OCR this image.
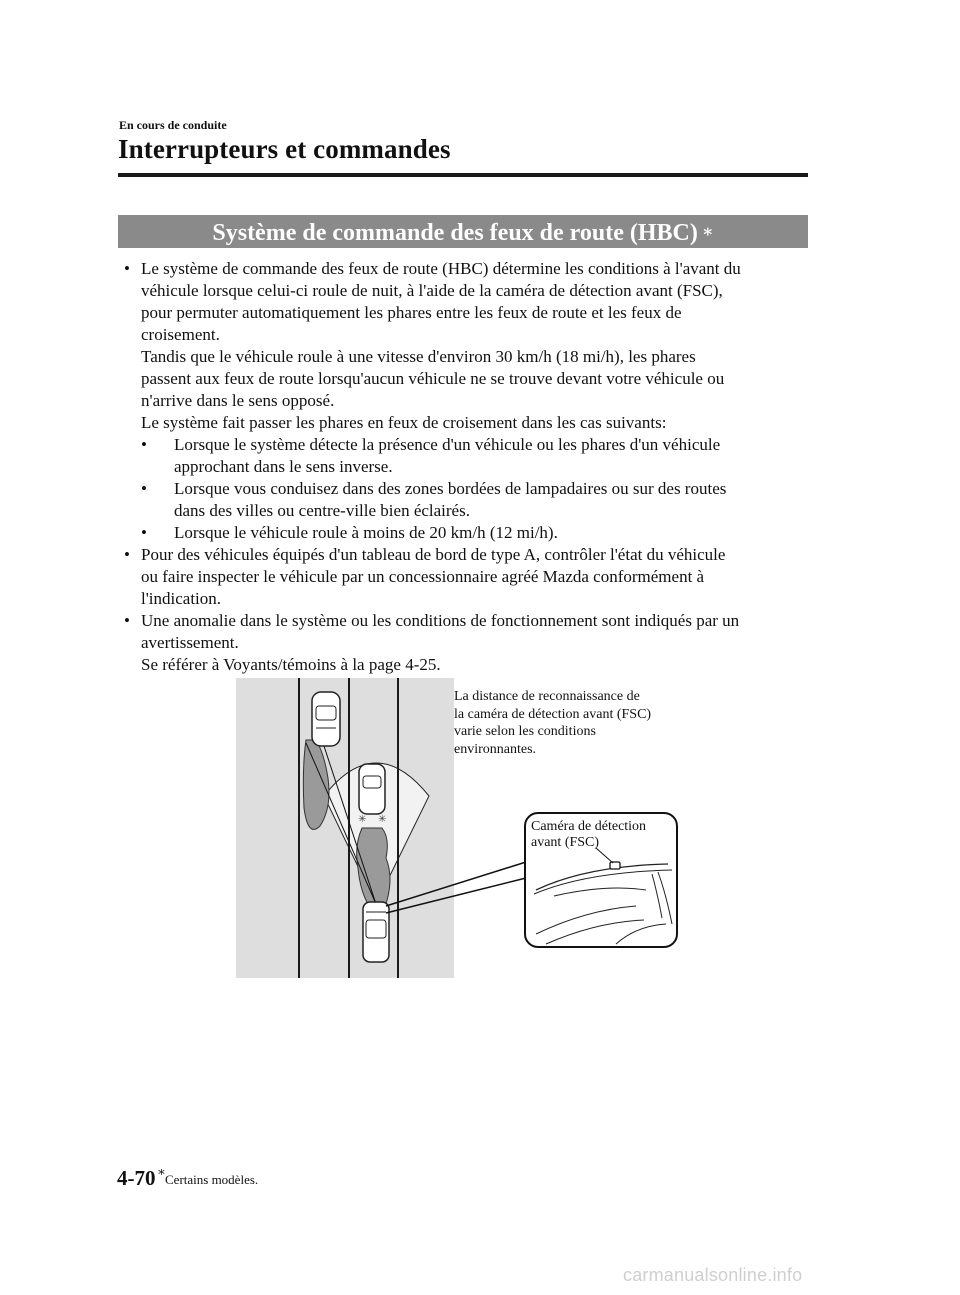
En cours de conduite
Interrupteurs et commandes
Système de commande des feux de route (HBC) ∗
• Le système de commande des feux de route (HBC) détermine les conditions à l'avant du
véhicule lorsque celui-ci roule de nuit, à l'aide de la caméra de détection avant (FSC),
pour permuter automatiquement les phares entre les feux de route et les feux de
croisement.
Tandis que le véhicule roule à une vitesse d'environ 30 km/h (18 mi/h), les phares
passent aux feux de route lorsqu'aucun véhicule ne se trouve devant votre véhicule ou
n'arrive dans le sens opposé.
Le système fait passer les phares en feux de croisement dans les cas suivants:
• Lorsque le système détecte la présence d'un véhicule ou les phares d'un véhicule
approchant dans le sens inverse.
• Lorsque vous conduisez dans des zones bordées de lampadaires ou sur des routes
dans des villes ou centre-ville bien éclairés.
• Lorsque le véhicule roule à moins de 20 km/h (12 mi/h).
• Pour des véhicules équipés d'un tableau de bord de type A, contrôler l'état du véhicule
ou faire inspecter le véhicule par un concessionnaire agréé Mazda conformément à
l'indication.
• Une anomalie dans le système ou les conditions de fonctionnement sont indiqués par un
avertissement.
Se référer à Voyants/témoins à la page 4-25.
✳ ✳
La distance de reconnaissance de
la caméra de détection avant (FSC)
varie selon les conditions
environnantes.
Caméra de détection
avant (FSC)
4-70 ∗
Certains modèles.
carmanualsonline.info
